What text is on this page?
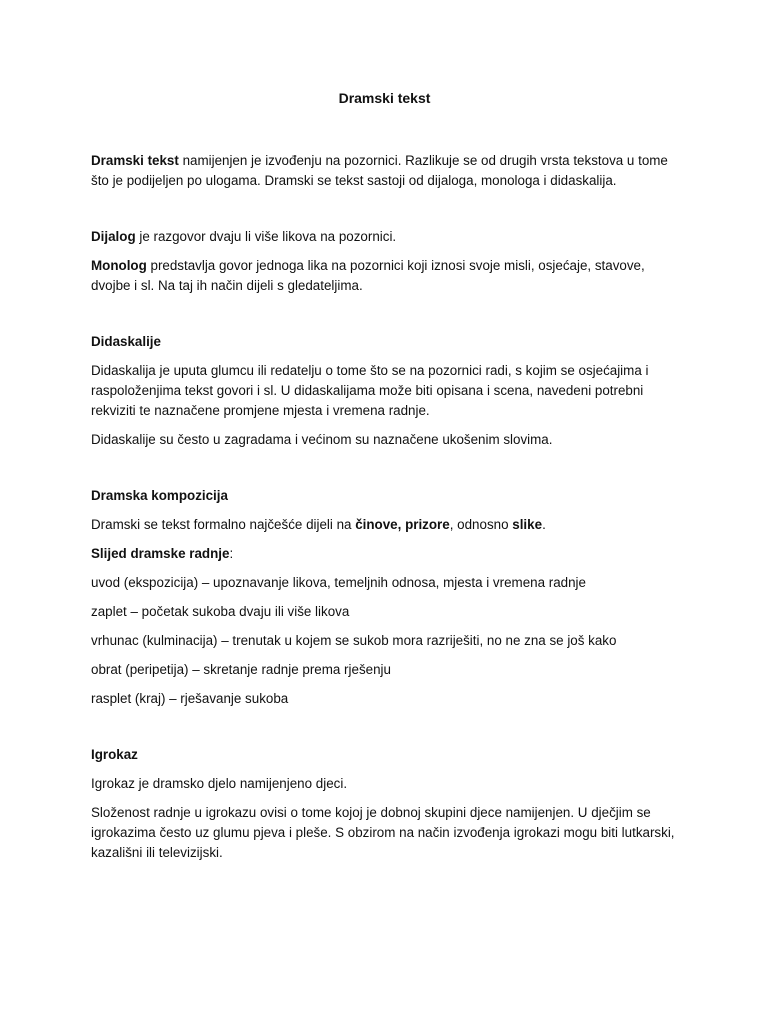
Dramski tekst

Dramski tekst namijenjen je izvođenju na pozornici. Razlikuje se od drugih vrsta tekstova u tome što je podijeljen po ulogama. Dramski se tekst sastoji od dijaloga, monologa i didaskalija.

Dijalog je razgovor dvaju li više likova na pozornici.

Monolog predstavlja govor jednoga lika na pozornici koji iznosi svoje misli, osjećaje, stavove, dvojbe i sl. Na taj ih način dijeli s gledateljima.

Didaskalije

Didaskalija je uputa glumcu ili redatelju o tome što se na pozornici radi, s kojim se osjećajima i raspoloženjima tekst govori i sl. U didaskalijama može biti opisana i scena, navedeni potrebni rekviziti te naznačene promjene mjesta i vremena radnje.

Didaskalije su često u zagradama i većinom su naznačene ukošenim slovima.

Dramska kompozicija

Dramski se tekst formalno najčešće dijeli na činove, prizore, odnosno slike.

Slijed dramske radnje:

uvod (ekspozicija) – upoznavanje likova, temeljnih odnosa, mjesta i vremena radnje

zaplet – početak sukoba dvaju ili više likova

vrhunac (kulminacija) – trenutak u kojem se sukob mora razriješiti, no ne zna se još kako

obrat (peripetija) – skretanje radnje prema rješenju

rasplet (kraj) – rješavanje sukoba

Igrokaz

Igrokaz je dramsko djelo namijenjeno djeci.

Složenost radnje u igrokazu ovisi o tome kojoj je dobnoj skupini djece namijenjen. U dječjim se igrokazima često uz glumu pjeva i pleše. S obzirom na način izvođenja igrokazi mogu biti lutkarski, kazališni ili televizijski.
